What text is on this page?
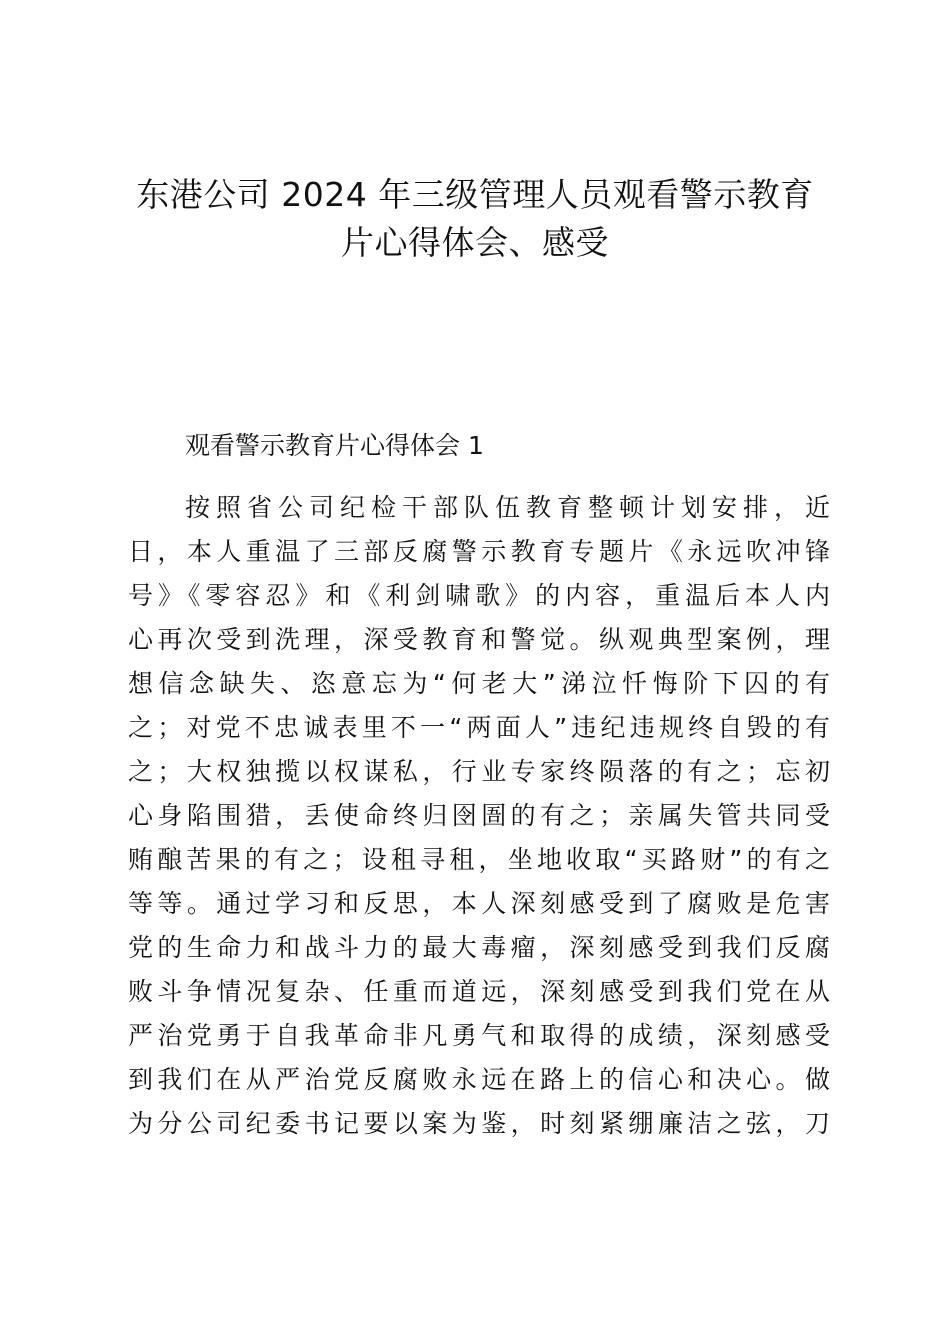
东港公司 2024 年三级管理人员观看警示教育
片心得体会、感受
观看警示教育片心得体会 1
按照省公司纪检干部队伍教育整顿计划安排，近
日，本人重温了三部反腐警示教育专题片《永远吹冲锋
号》《零容忍》和《利剑啸歌》的内容，重温后本人内
心再次受到洗理，深受教育和警觉。纵观典型案例，理
想信念缺失、恣意忘为“何老大”涕泣忏悔阶下囚的有
之；对党不忠诚表里不一“两面人”违纪违规终自毁的有
之；大权独揽以权谋私，行业专家终陨落的有之；忘初
心身陷围猎，丢使命终归囹圄的有之；亲属失管共同受
贿酿苦果的有之；设租寻租，坐地收取“买路财”的有之
等等。通过学习和反思，本人深刻感受到了腐败是危害
党的生命力和战斗力的最大毒瘤，深刻感受到我们反腐
败斗争情况复杂、任重而道远，深刻感受到我们党在从
严治党勇于自我革命非凡勇气和取得的成绩，深刻感受
到我们在从严治党反腐败永远在路上的信心和决心。做
为分公司纪委书记要以案为鉴，时刻紧绷廉洁之弦，刀
